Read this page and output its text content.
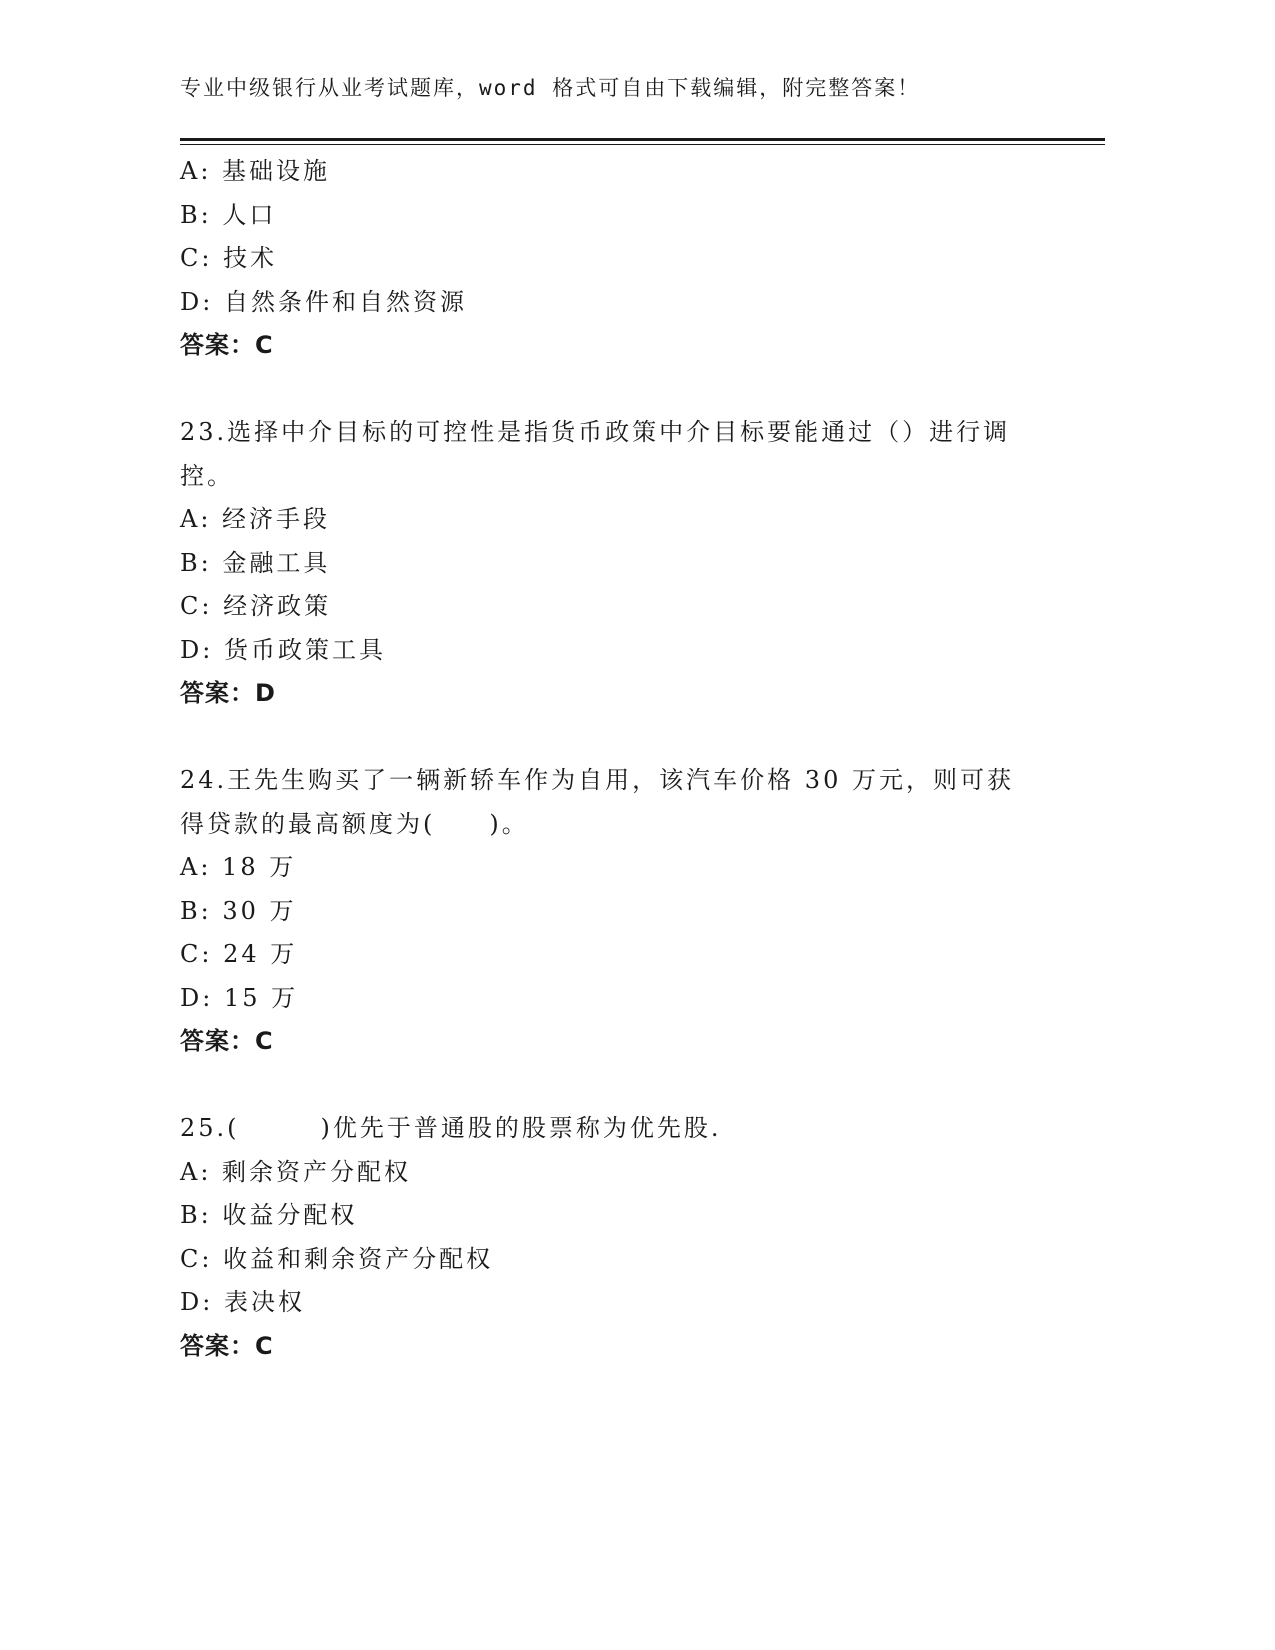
专业中级银行从业考试题库，word 格式可自由下载编辑，附完整答案！
A: 基础设施
B: 人口
C: 技术
D: 自然条件和自然资源
答案：C
23.选择中介目标的可控性是指货币政策中介目标要能通过（）进行调
控。
A: 经济手段
B: 金融工具
C: 经济政策
D: 货币政策工具
答案：D
24.王先生购买了一辆新轿车作为自用，该汽车价格 30 万元，则可获
得贷款的最高额度为(　　)。
A: 18 万
B: 30 万
C: 24 万
D: 15 万
答案：C
25.(　　　)优先于普通股的股票称为优先股.
A: 剩余资产分配权
B: 收益分配权
C: 收益和剩余资产分配权
D: 表决权
答案：C
